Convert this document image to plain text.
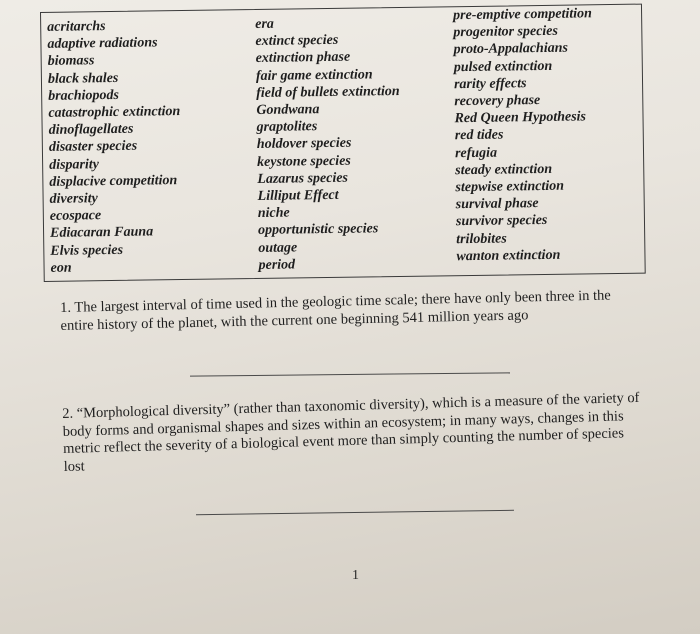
acritarchs
adaptive radiations
biomass
black shales
brachiopods
catastrophic extinction
dinoflagellates
disaster species
disparity
displacive competition
diversity
ecospace
Ediacaran Fauna
Elvis species
eon
era
extinct species
extinction phase
fair game extinction
field of bullets extinction
Gondwana
graptolites
holdover species
keystone species
Lazarus species
Lilliput Effect
niche
opportunistic species
outage
period
pre-emptive competition
progenitor species
proto-Appalachians
pulsed extinction
rarity effects
recovery phase
Red Queen Hypothesis
red tides
refugia
steady extinction
stepwise extinction
survival phase
survivor species
trilobites
wanton extinction
1. The largest interval of time used in the geologic time scale; there have only been three in the entire history of the planet, with the current one beginning 541 million years ago
2. “Morphological diversity” (rather than taxonomic diversity), which is a measure of the variety of body forms and organismal shapes and sizes within an ecosystem; in many ways, changes in this metric reflect the severity of a biological event more than simply counting the number of species lost
1
